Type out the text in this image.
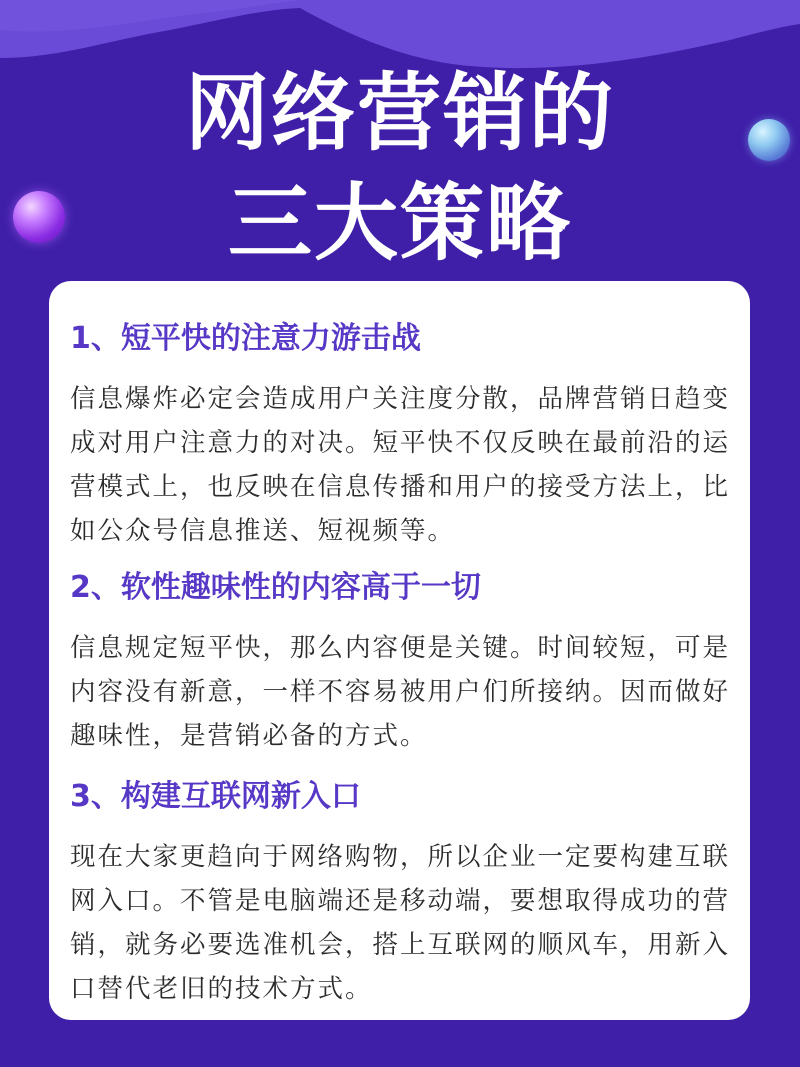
网络营销的
三大策略

1、短平快的注意力游击战

信息爆炸必定会造成用户关注度分散，品牌营销日趋变成对用户注意力的对决。短平快不仅反映在最前沿的运营模式上，也反映在信息传播和用户的接受方法上，比如公众号信息推送、短视频等。

2、软性趣味性的内容高于一切

信息规定短平快，那么内容便是关键。时间较短，可是内容没有新意，一样不容易被用户们所接纳。因而做好趣味性，是营销必备的方式。

3、构建互联网新入口

现在大家更趋向于网络购物，所以企业一定要构建互联网入口。不管是电脑端还是移动端，要想取得成功的营销，就务必要选准机会，搭上互联网的顺风车，用新入口替代老旧的技术方式。
